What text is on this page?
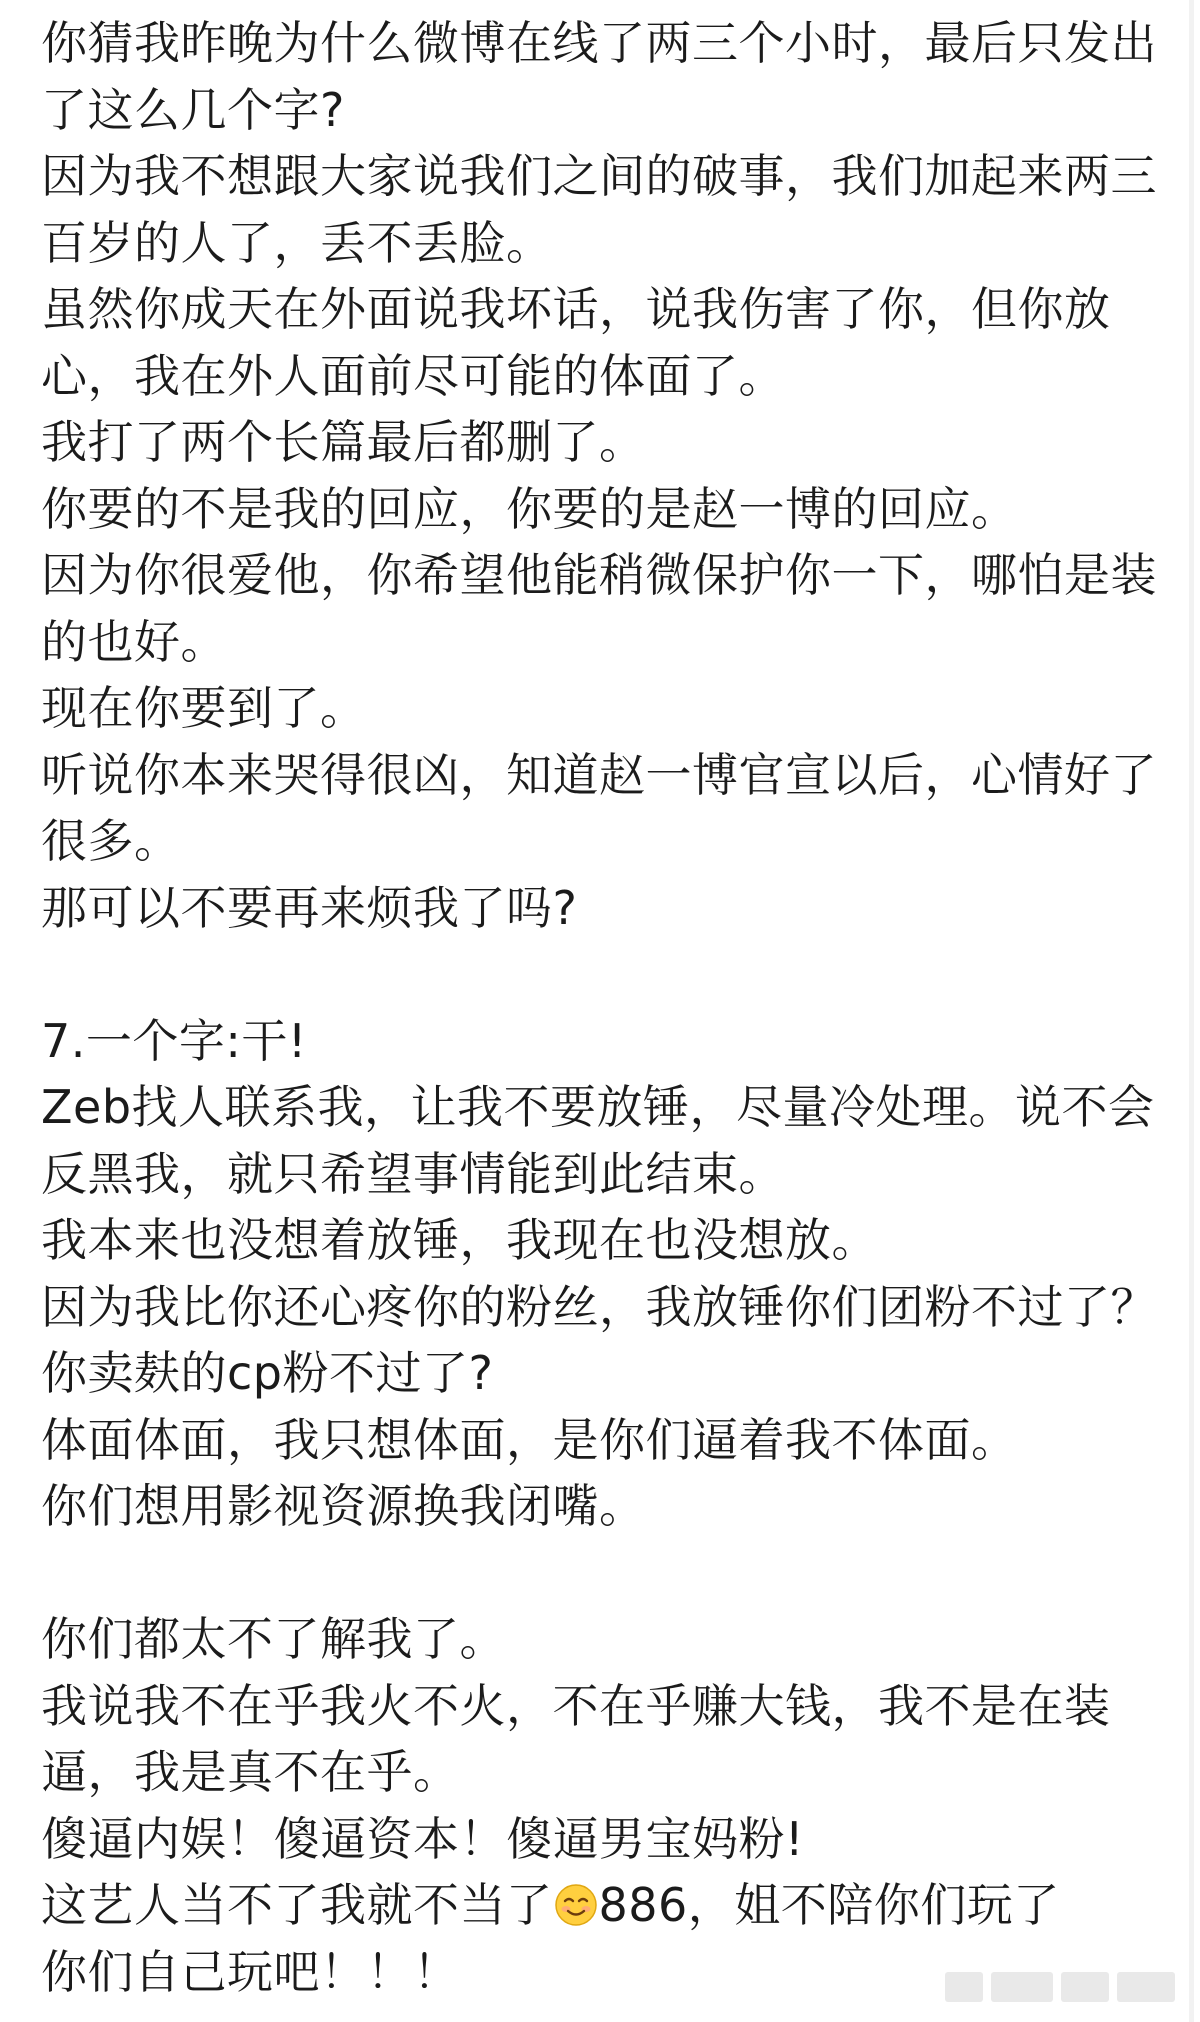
你猜我昨晚为什么微博在线了两三个小时，最后只发出了这么几个字?

因为我不想跟大家说我们之间的破事，我们加起来两三百岁的人了，丢不丢脸。

虽然你成天在外面说我坏话，说我伤害了你，但你放心，我在外人面前尽可能的体面了。

我打了两个长篇最后都删了。

你要的不是我的回应，你要的是赵一博的回应。

因为你很爱他，你希望他能稍微保护你一下，哪怕是装的也好。

现在你要到了。

听说你本来哭得很凶，知道赵一博官宣以后，心情好了很多。

那可以不要再来烦我了吗?

7.一个字:干!

Zeb找人联系我，让我不要放锤，尽量冷处理。说不会反黑我，就只希望事情能到此结束。

我本来也没想着放锤，我现在也没想放。

因为我比你还心疼你的粉丝，我放锤你们团粉不过了？你卖麸的cp粉不过了?

体面体面，我只想体面，是你们逼着我不体面。

你们想用影视资源换我闭嘴。

你们都太不了解我了。

我说我不在乎我火不火，不在乎赚大钱，我不是在装逼，我是真不在乎。

傻逼内娱！傻逼资本！傻逼男宝妈粉!

这艺人当不了我就不当了 886，姐不陪你们玩了

你们自己玩吧！！！
